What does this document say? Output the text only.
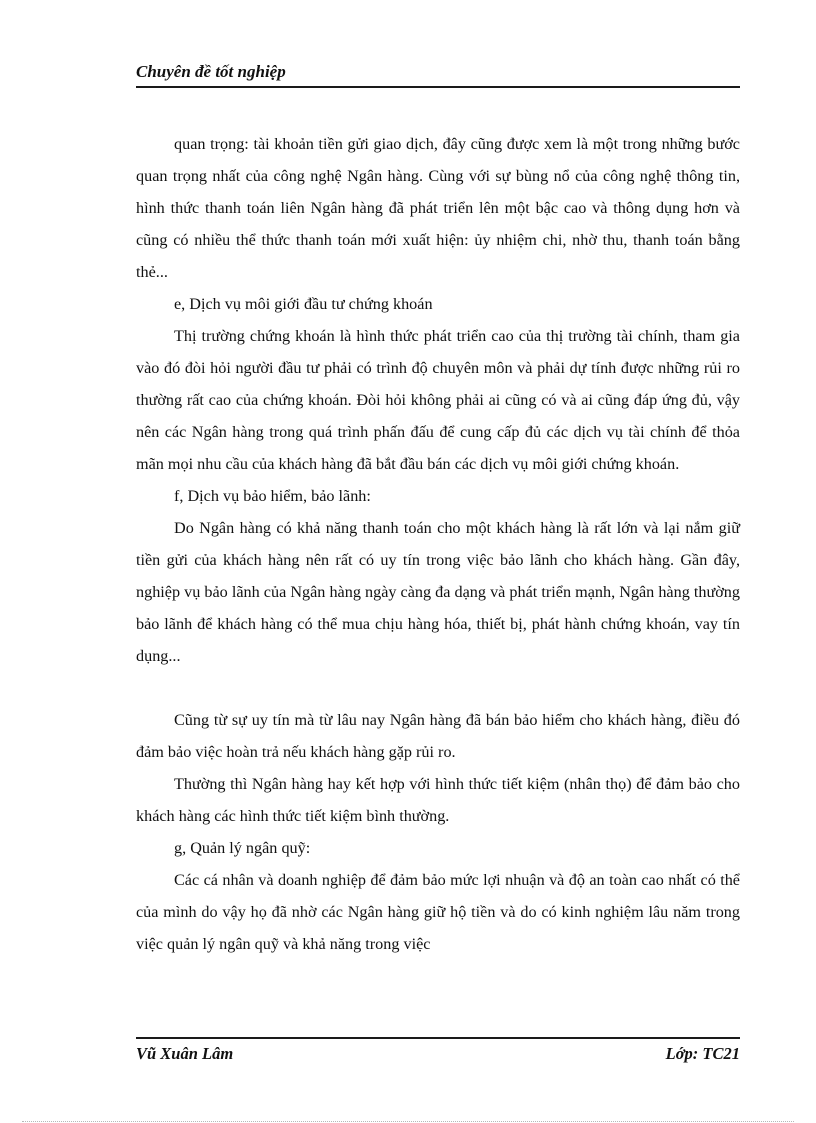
Chuyên đề tốt nghiệp

quan trọng: tài khoản tiền gửi giao dịch, đây cũng được xem là một trong những bước quan trọng nhất của công nghệ Ngân hàng. Cùng với sự bùng nổ của công nghệ thông tin, hình thức thanh toán liên Ngân hàng đã phát triển lên một bậc cao và thông dụng hơn và cũng có nhiều thể thức thanh toán mới xuất hiện: ủy nhiệm chi, nhờ thu, thanh toán bằng thẻ...

e, Dịch vụ môi giới đầu tư chứng khoán

Thị trường chứng khoán là hình thức phát triển cao của thị trường tài chính, tham gia vào đó đòi hỏi người đầu tư phải có trình độ chuyên môn và phải dự tính được những rủi ro thường rất cao của chứng khoán. Đòi hỏi không phải ai cũng có và ai cũng đáp ứng đủ, vậy nên các Ngân hàng trong quá trình phấn đấu để cung cấp đủ các dịch vụ tài chính để thỏa mãn mọi nhu cầu của khách hàng đã bắt đầu bán các dịch vụ môi giới chứng khoán.

f, Dịch vụ bảo hiểm, bảo lãnh:

Do Ngân hàng có khả năng thanh toán cho một khách hàng là rất lớn và lại nắm giữ tiền gửi của khách hàng nên rất có uy tín trong việc bảo lãnh cho khách hàng. Gần đây, nghiệp vụ bảo lãnh của Ngân hàng ngày càng đa dạng và phát triển mạnh, Ngân hàng thường bảo lãnh để khách hàng có thể mua chịu hàng hóa, thiết bị, phát hành chứng khoán, vay tín dụng...

Cũng từ sự uy tín mà từ lâu nay Ngân hàng đã bán bảo hiểm cho khách hàng, điều đó đảm bảo việc hoàn trả nếu khách hàng gặp rủi ro.

Thường thì Ngân hàng hay kết hợp với hình thức tiết kiệm (nhân thọ) để đảm bảo cho khách hàng các hình thức tiết kiệm bình thường.

g, Quản lý ngân quỹ:

Các cá nhân và doanh nghiệp để đảm bảo mức lợi nhuận và độ an toàn cao nhất có thể của mình do vậy họ đã nhờ các Ngân hàng giữ hộ tiền và do có kinh nghiệm lâu năm trong việc quản lý ngân quỹ và khả năng trong việc

Vũ Xuân Lâm	Lớp: TC21
